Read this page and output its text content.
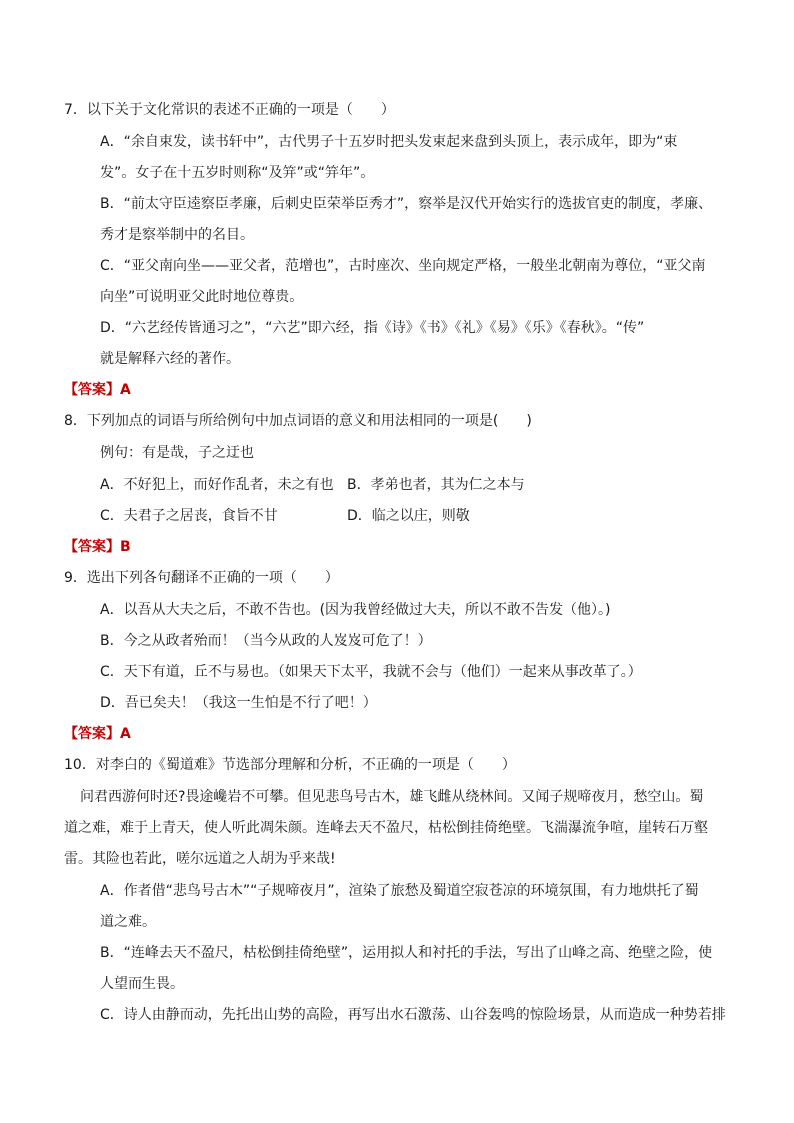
7．以下关于文化常识的表述不正确的一项是（　　）
A．“余自束发，读书轩中”，古代男子十五岁时把头发束起来盘到头顶上，表示成年，即为“束
发”。女子在十五岁时则称“及笄”或“笄年”。
B．“前太守臣逵察臣孝廉，后刺史臣荣举臣秀才”，察举是汉代开始实行的选拔官吏的制度，孝廉、
秀才是察举制中的名目。
C．“亚父南向坐——亚父者，范增也”，古时座次、坐向规定严格，一般坐北朝南为尊位，“亚父南
向坐”可说明亚父此时地位尊贵。
D．“六艺经传皆通习之”，“六艺”即六经，指《诗》《书》《礼》《易》《乐》《春秋》。“传”
就是解释六经的著作。
【答案】A
8．下列加点的词语与所给例句中加点词语的意义和用法相同的一项是(　　)
例句：有是哉，子之迂也
A．不好犯上，而好作乱者，未之有也 B．孝弟也者，其为仁之本与
C．夫君子之居丧，食旨不甘	D．临之以庄，则敬
【答案】B
9．选出下列各句翻译不正确的一项（　　）
A．以吾从大夫之后，不敢不告也。(因为我曾经做过大夫，所以不敢不告发（他）。)
B．今之从政者殆而！（当今从政的人岌岌可危了！）
C．天下有道，丘不与易也。（如果天下太平，我就不会与（他们）一起来从事改革了。）
D．吾已矣夫！（我这一生怕是不行了吧！）
【答案】A
10．对李白的《蜀道难》节选部分理解和分析，不正确的一项是（　　）
问君西游何时还?畏途巉岩不可攀。但见悲鸟号古木，雄飞雌从绕林间。又闻子规啼夜月，愁空山。蜀
道之难，难于上青天，使人听此凋朱颜。连峰去天不盈尺，枯松倒挂倚绝壁。飞湍瀑流争喧，崖转石万壑
雷。其险也若此，嗟尔远道之人胡为乎来哉!
A．作者借“悲鸟号古木”“子规啼夜月”，渲染了旅愁及蜀道空寂苍凉的环境氛围，有力地烘托了蜀
道之难。
B．“连峰去天不盈尺，枯松倒挂倚绝壁”，运用拟人和衬托的手法，写出了山峰之高、绝壁之险，使
人望而生畏。
C．诗人由静而动，先托出山势的高险，再写出水石激荡、山谷轰鸣的惊险场景，从而造成一种势若排
